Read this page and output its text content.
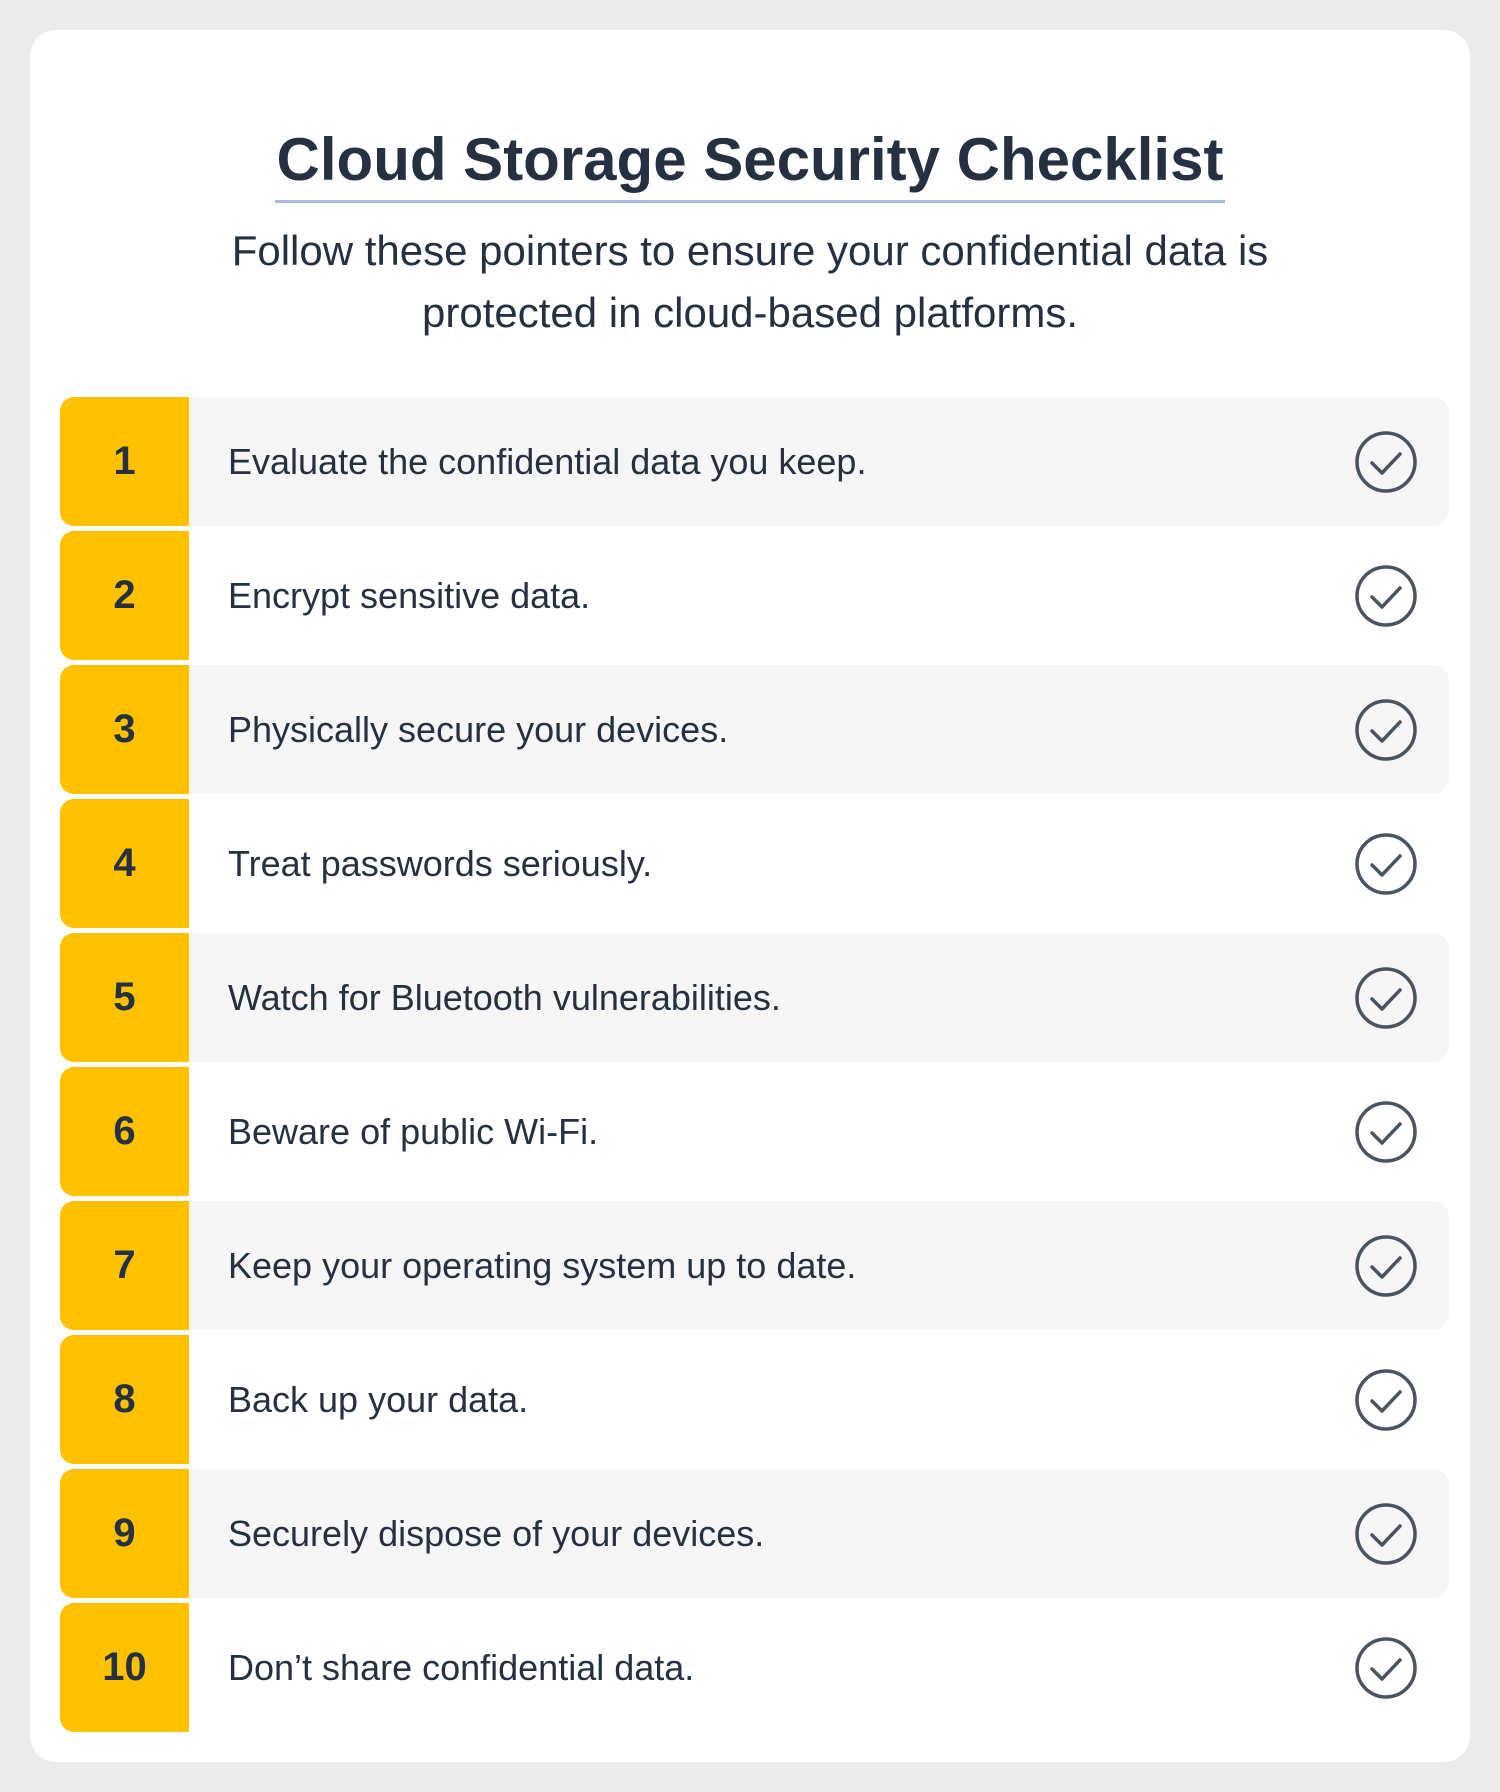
Cloud Storage Security Checklist
Follow these pointers to ensure your confidential data is protected in cloud-based platforms.
1	Evaluate the confidential data you keep.
2	Encrypt sensitive data.
3	Physically secure your devices.
4	Treat passwords seriously.
5	Watch for Bluetooth vulnerabilities.
6	Beware of public Wi-Fi.
7	Keep your operating system up to date.
8	Back up your data.
9	Securely dispose of your devices.
10	Don’t share confidential data.
